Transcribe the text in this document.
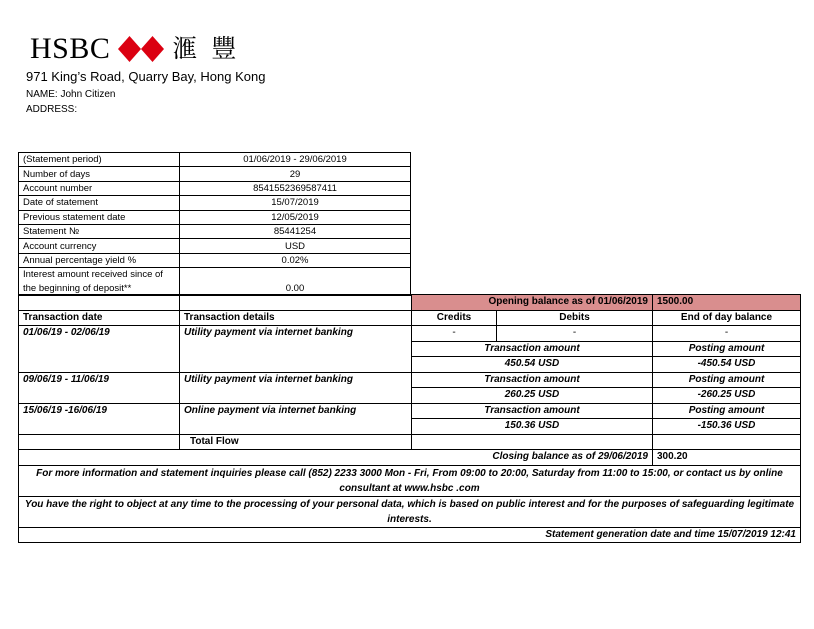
HSBC 滙 豐
971 King’s Road, Quarry Bay, Hong Kong
NAME: John Citizen
ADDRESS:
(Statement period)	01/06/2019 - 29/06/2019
Number of days	29
Account number	8541552369587411
Date of statement	15/07/2019
Previous statement date	12/05/2019
Statement №	85441254
Account currency	USD
Annual percentage yield %	0.02%
Interest amount received since of the beginning of deposit**	0.00
		Opening balance as of 01/06/2019		1500.00
Transaction date	Transaction details	Credits	Debits	End of day balance
01/06/19 - 02/06/19	Utility payment via internet banking	-	-	-
		Transaction amount		Posting amount
		450.54 USD		-450.54 USD
09/06/19 - 11/06/19	Utility payment via internet banking	Transaction amount		Posting amount
		260.25 USD		-260.25 USD
15/06/19 -16/06/19	Online payment via internet banking	Transaction amount		Posting amount
		150.36 USD		-150.36 USD
	Total Flow			
Closing balance as of 29/06/2019				300.20
For more information and statement inquiries please call (852) 2233 3000 Mon - Fri, From 09:00 to 20:00, Saturday from 11:00 to 15:00, or contact us by online consultant at www.hsbc .com				
You have the right to object at any time to the processing of your personal data, which is based on public interest and for the purposes of safeguarding legitimate interests.				
Statement generation date and time 15/07/2019 12:41				
